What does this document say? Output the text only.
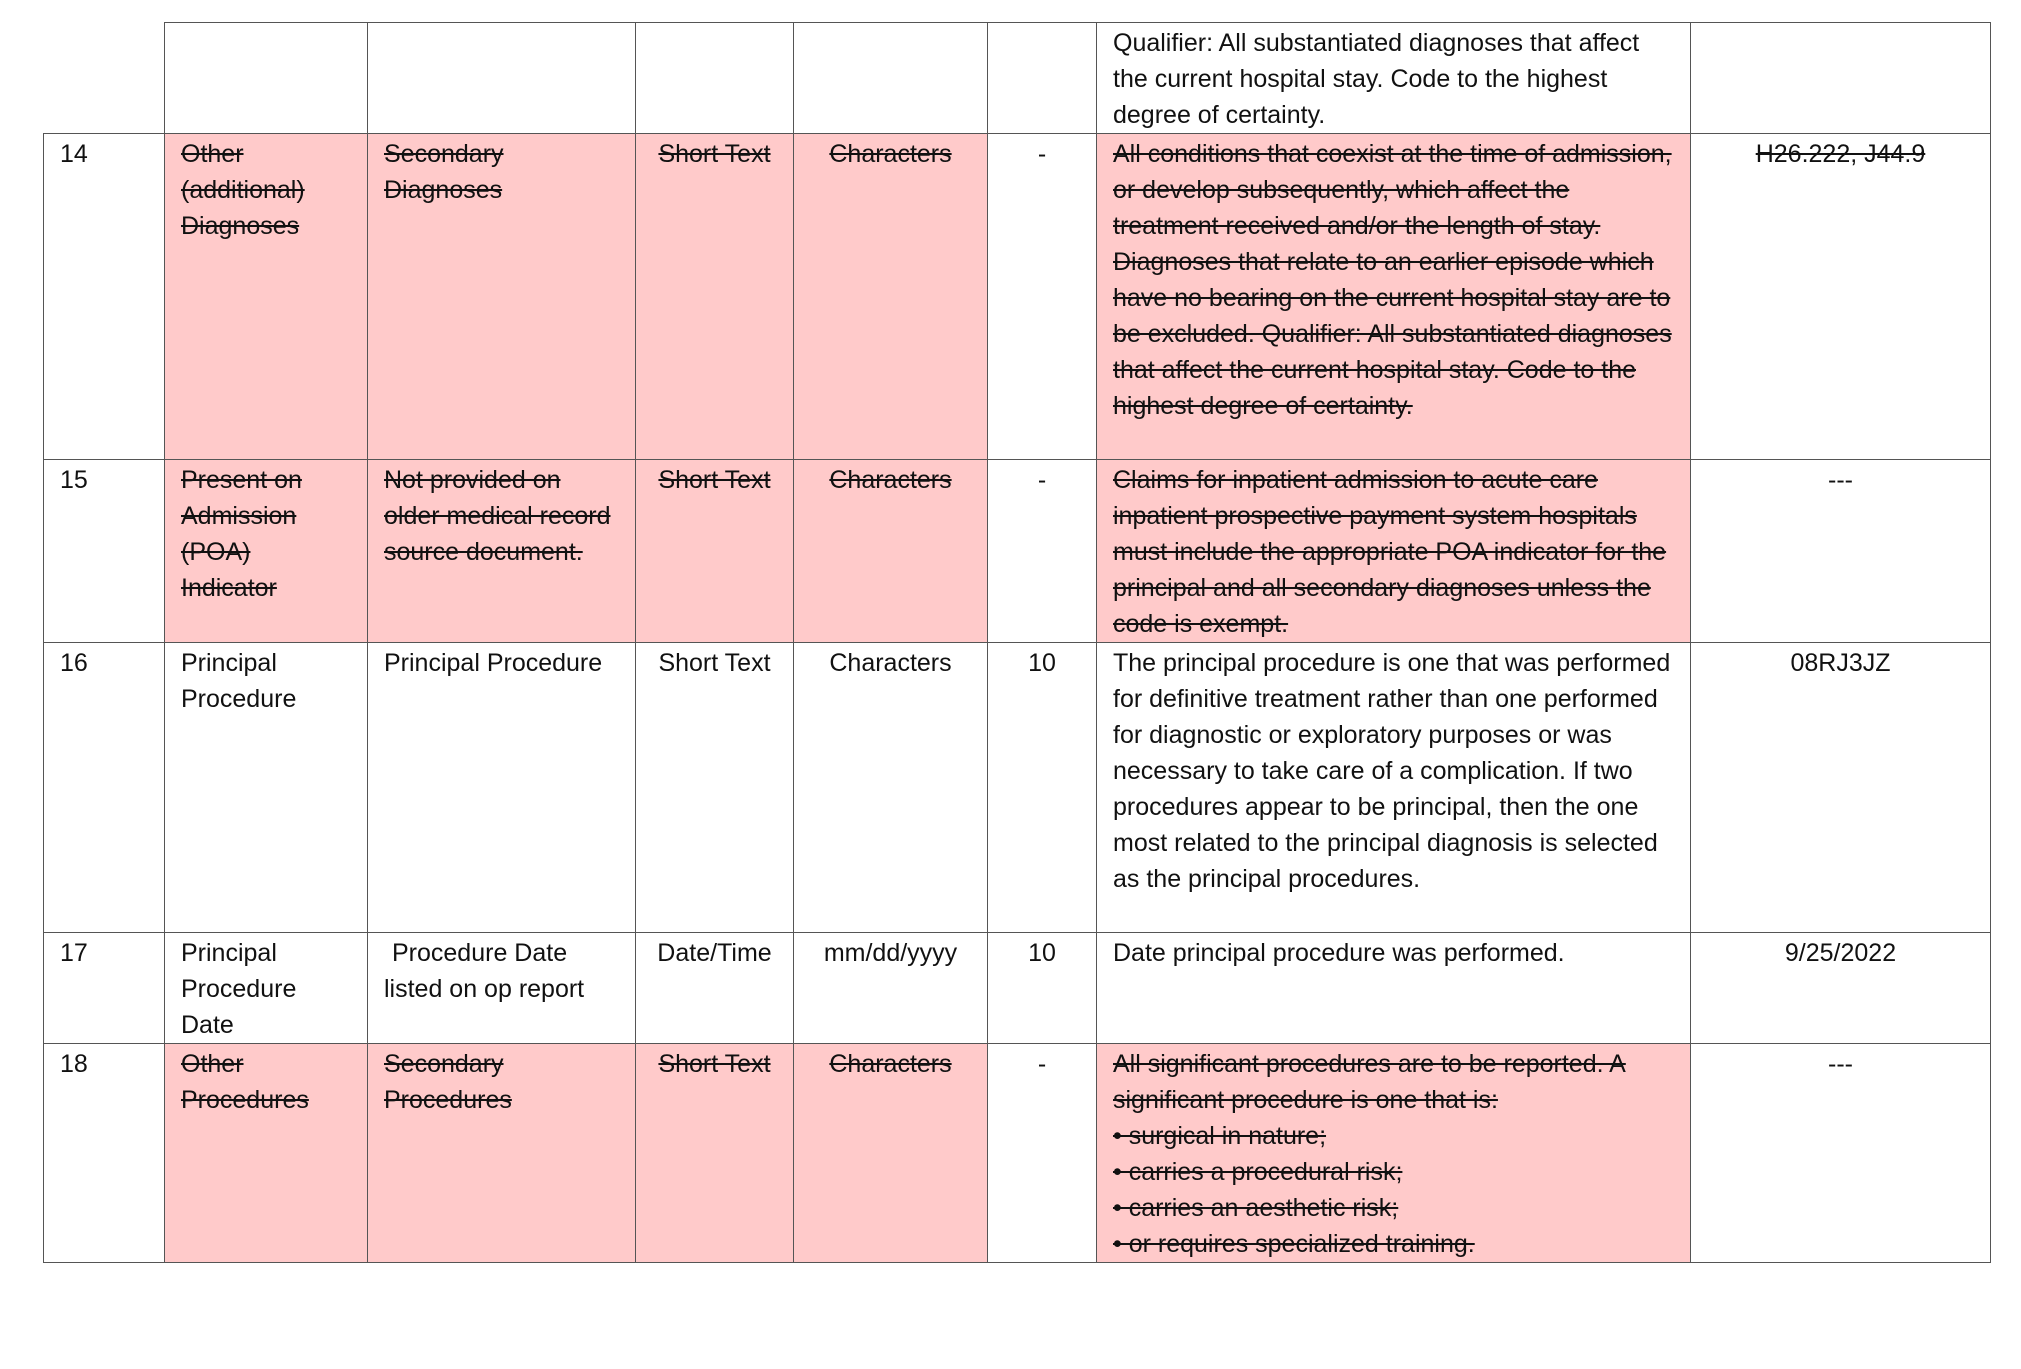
						Qualifier: All substantiated diagnoses that affect the current hospital stay. Code to the highest degree of certainty.	
14	Other (additional) Diagnoses	Secondary Diagnoses	Short Text	Characters	-	All conditions that coexist at the time of admission, or develop subsequently, which affect the treatment received and/or the length of stay. Diagnoses that relate to an earlier episode which have no bearing on the current hospital stay are to be excluded. Qualifier: All substantiated diagnoses that affect the current hospital stay. Code to the highest degree of certainty.	H26.222, J44.9
15	Present on Admission (POA) Indicator	Not provided on older medical record source document.	Short Text	Characters	-	Claims for inpatient admission to acute care inpatient prospective payment system hospitals must include the appropriate POA indicator for the principal and all secondary diagnoses unless the code is exempt.	---
16	Principal Procedure	Principal Procedure	Short Text	Characters	10	The principal procedure is one that was performed for definitive treatment rather than one performed for diagnostic or exploratory purposes or was necessary to take care of a complication. If two procedures appear to be principal, then the one most related to the principal diagnosis is selected as the principal procedures.	08RJ3JZ
17	Principal Procedure Date	Procedure Date listed on op report	Date/Time	mm/dd/yyyy	10	Date principal procedure was performed.	9/25/2022
18	Other Procedures	Secondary Procedures	Short Text	Characters	-	All significant procedures are to be reported. A significant procedure is one that is:
• surgical in nature;
• carries a procedural risk;
• carries an aesthetic risk;
• or requires specialized training.	---
